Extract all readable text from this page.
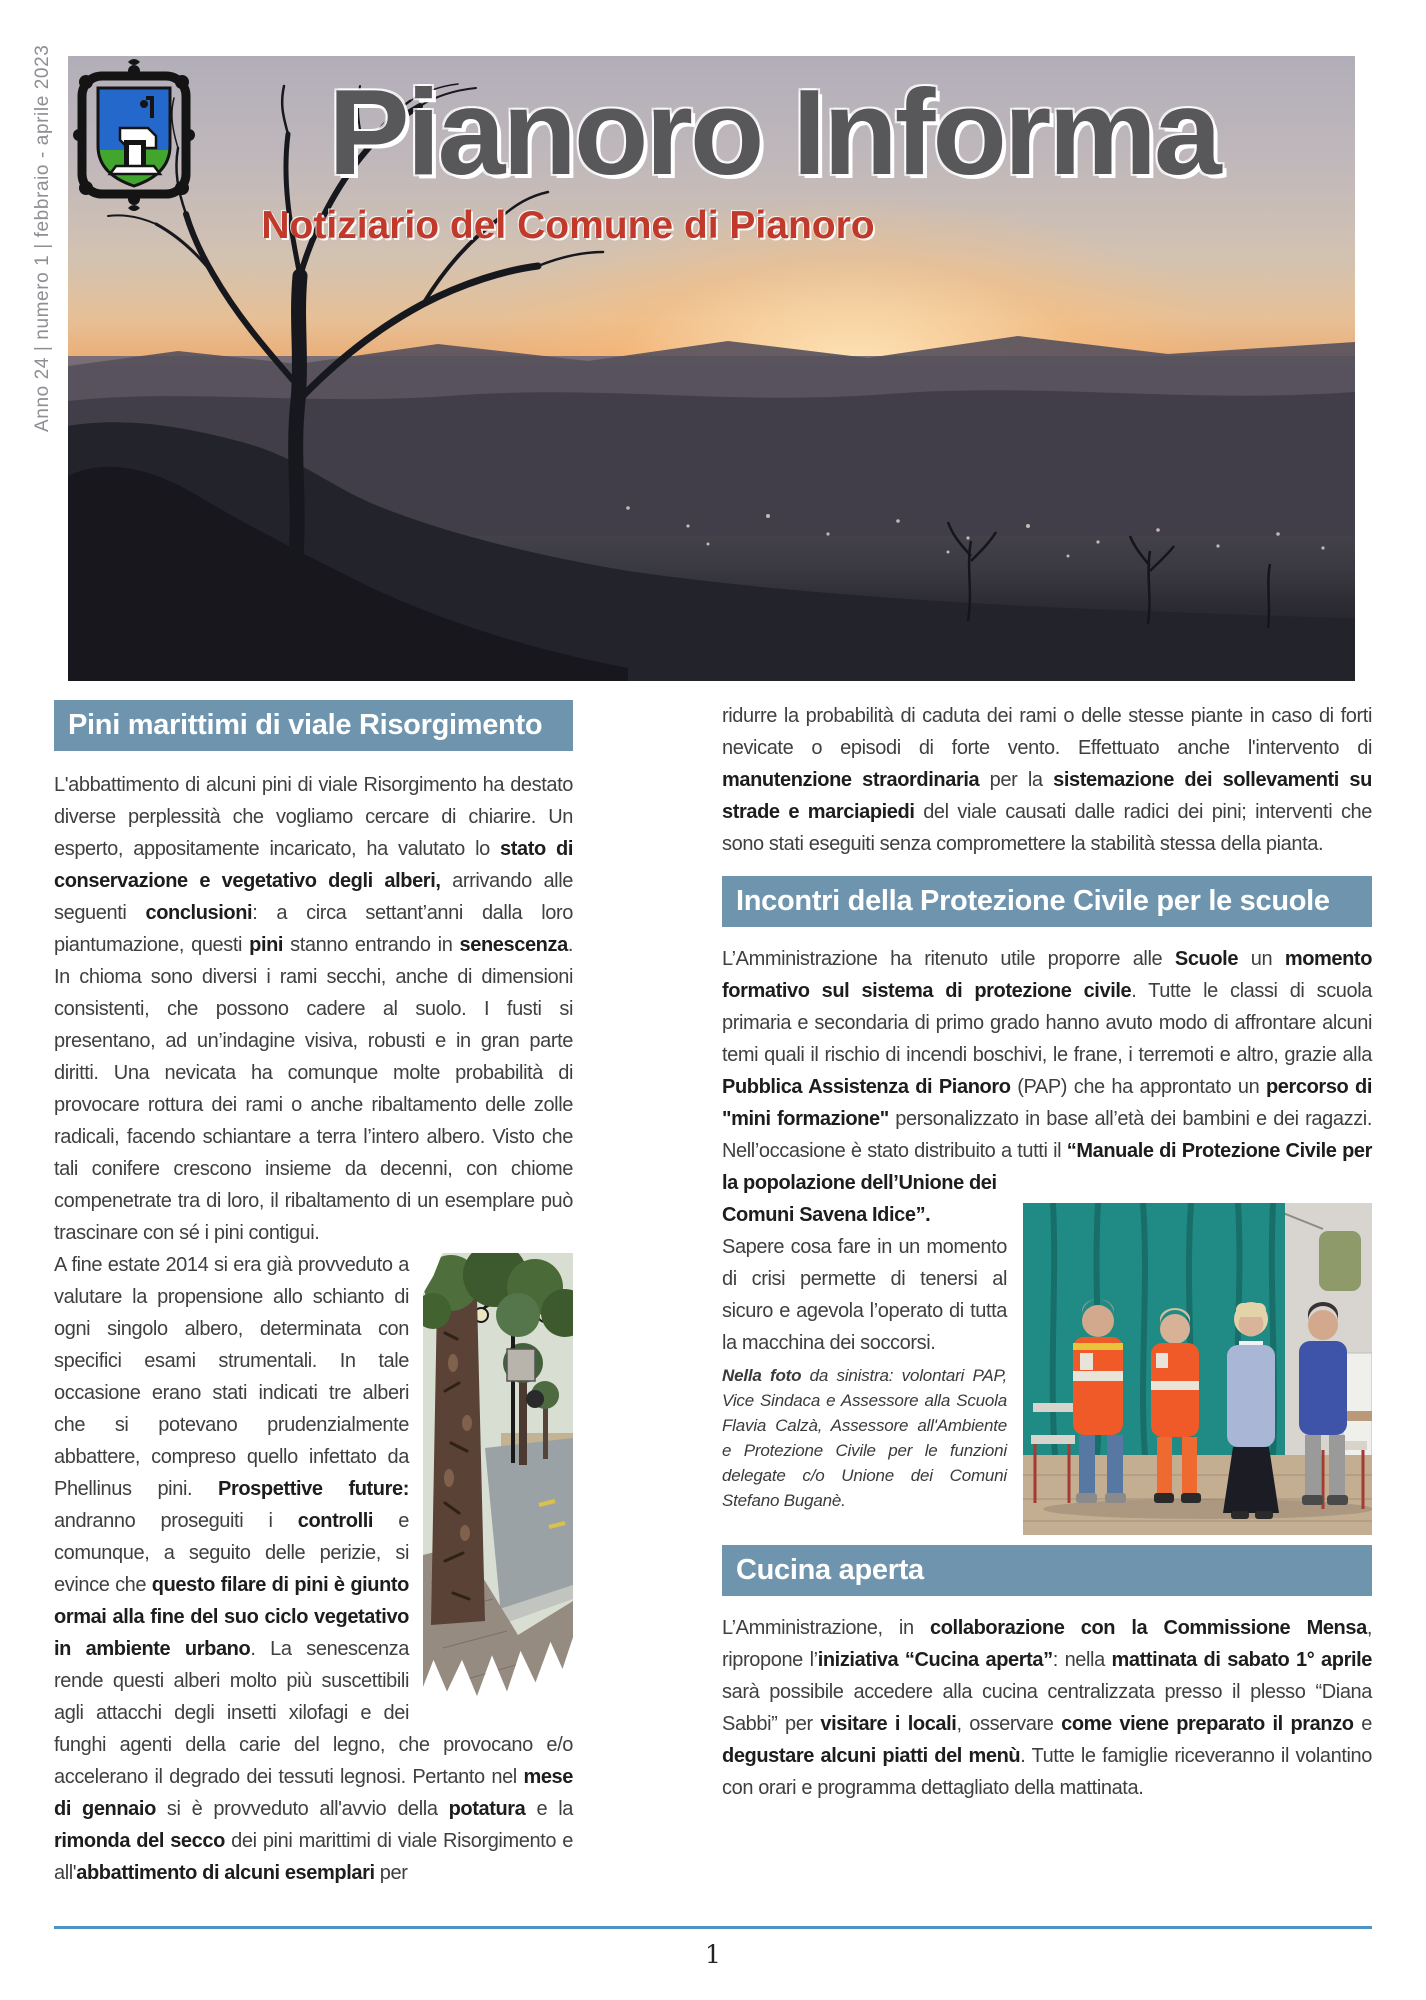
Anno 24 | numero 1 | febbraio - aprile 2023	Pianoro Informa
Notiziario del Comune di Pianoro
Pini marittimi di viale Risorgimento

L'abbattimento di alcuni pini di viale Risorgimento ha destato diverse perplessità che vogliamo cercare di chiarire. Un esperto, appositamente incaricato, ha valutato lo stato di conservazione e vegetativo degli alberi, arrivando alle seguenti conclusioni: a circa settant’anni dalla loro piantumazione, questi pini stanno entrando in senescenza. In chioma sono diversi i rami secchi, anche di dimensioni consistenti, che possono cadere al suolo. I fusti si presentano, ad un’indagine visiva, robusti e in gran parte diritti. Una nevicata ha comunque molte probabilità di provocare rottura dei rami o anche ribaltamento delle zolle radicali, facendo schiantare a terra l’intero albero. Visto che tali conifere crescono insieme da decenni, con chiome compenetrate tra di loro, il ribaltamento di un esemplare può trascinare con sé i pini contigui.

A fine estate 2014 si era già provveduto a valutare la propensione allo schianto di ogni singolo albero, determinata con specifici esami strumentali. In tale occasione erano stati indicati tre alberi che si potevano prudenzialmente abbattere, compreso quello infettato da Phellinus pini. Prospettive future: andranno proseguiti i controlli e comunque, a seguito delle perizie, si evince che questo filare di pini è giunto ormai alla fine del suo ciclo vegetativo in ambiente urbano. La senescenza rende questi alberi molto più suscettibili agli attacchi degli insetti xilofagi e dei funghi agenti della carie del legno, che provocano e/o accelerano il degrado dei tessuti legnosi. Pertanto nel mese di gennaio si è provveduto all'avvio della potatura e la rimonda del secco dei pini marittimi di viale Risorgimento e all'abbattimento di alcuni esemplari per

ridurre la probabilità di caduta dei rami o delle stesse piante in caso di forti nevicate o episodi di forte vento. Effettuato anche l'intervento di manutenzione straordinaria per la sistemazione dei sollevamenti su strade e marciapiedi del viale causati dalle radici dei pini; interventi che sono stati eseguiti senza compromettere la stabilità stessa della pianta.

Incontri della Protezione Civile per le scuole

L’Amministrazione ha ritenuto utile proporre alle Scuole un momento formativo sul sistema di protezione civile. Tutte le classi di scuola primaria e secondaria di primo grado hanno avuto modo di affrontare alcuni temi quali il rischio di incendi boschivi, le frane, i terremoti e altro, grazie alla Pubblica Assistenza di Pianoro (PAP) che ha approntato un percorso di "mini formazione" personalizzato in base all’età dei bambini e dei ragazzi. Nell’occasione è stato distribuito a tutti il “Manuale di Protezione Civile per la popolazione dell’Unione dei

Comuni Savena Idice”.

Sapere cosa fare in un momento di crisi permette di tenersi al sicuro e agevola l’operato di tutta la macchina dei soccorsi.

Nella foto da sinistra: volontari PAP, Vice Sindaca e Assessore alla Scuola Flavia Calzà, Assessore all'Ambiente e Protezione Civile per le funzioni delegate c/o Unione dei Comuni Stefano Buganè.

Cucina aperta

L’Amministrazione, in collaborazione con la Commissione Mensa, ripropone l’iniziativa “Cucina aperta”: nella mattinata di sabato 1° aprile sarà possibile accedere alla cucina centralizzata presso il plesso “Diana Sabbi” per visitare i locali, osservare come viene preparato il pranzo e degustare alcuni piatti del menù. Tutte le famiglie riceveranno il volantino con orari e programma dettagliato della mattinata.

1
